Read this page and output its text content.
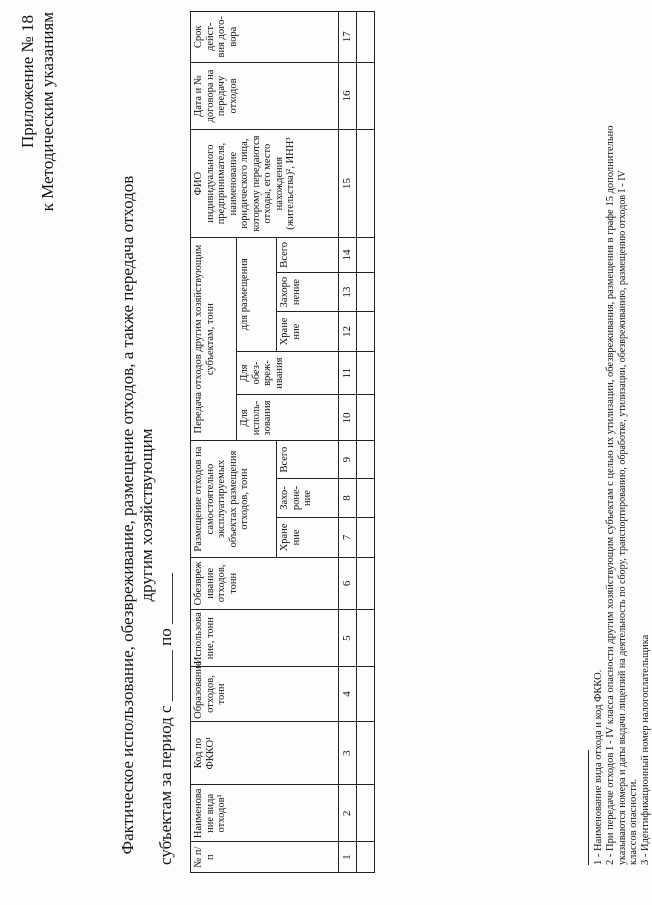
Приложение № 18 к Методическим указаниям
Фактическое использование, обезвреживание, размещение отходов, а также передача отходов другим хозяйствующим
субъектам за период с ______ по ______ № п/п	Наименова ние вида отходов¹	Код по ФККО¹	Образование отходов, тонн	Использова ние, тонн	Обезвреж ивание отходов, тонн	Размещение отходов на самостоятельно эксплуатируемых объектах размещения отходов, тонн			Передача отходов другим хозяйствующим субъектам, тонн					ФИО индивидуального предпринимателя, наименование юридического лица, которому передаются отходы, его место нахождения (жительства)², ИНН³	Дата и № договора на передачу отходов	Срок дейст- вия дого- вора
									Для исполь- зования	Для обез- вреж- ивания	для размещения					
						Хране ние	Захо- роне- ние	Всего			Хране ние	Захоро нение	Всего			

1	2	3	4	5	6	7	8	9	10	11	12	13	14	15	16	17

1 - Наименование вида отхода и код ФККО. 2 - При передаче отходов I - IV класса опасности другим хозяйствующим субъектам с целью их утилизации, обезвреживания, размещения в графе 15 дополнительно указываются номера и даты выдачи лицензий на деятельность по сбору, транспортированию, обработке, утилизации, обезвреживанию, размещению отходов I - IV классов опасности. 3 - Идентификационный номер налогоплательщика
